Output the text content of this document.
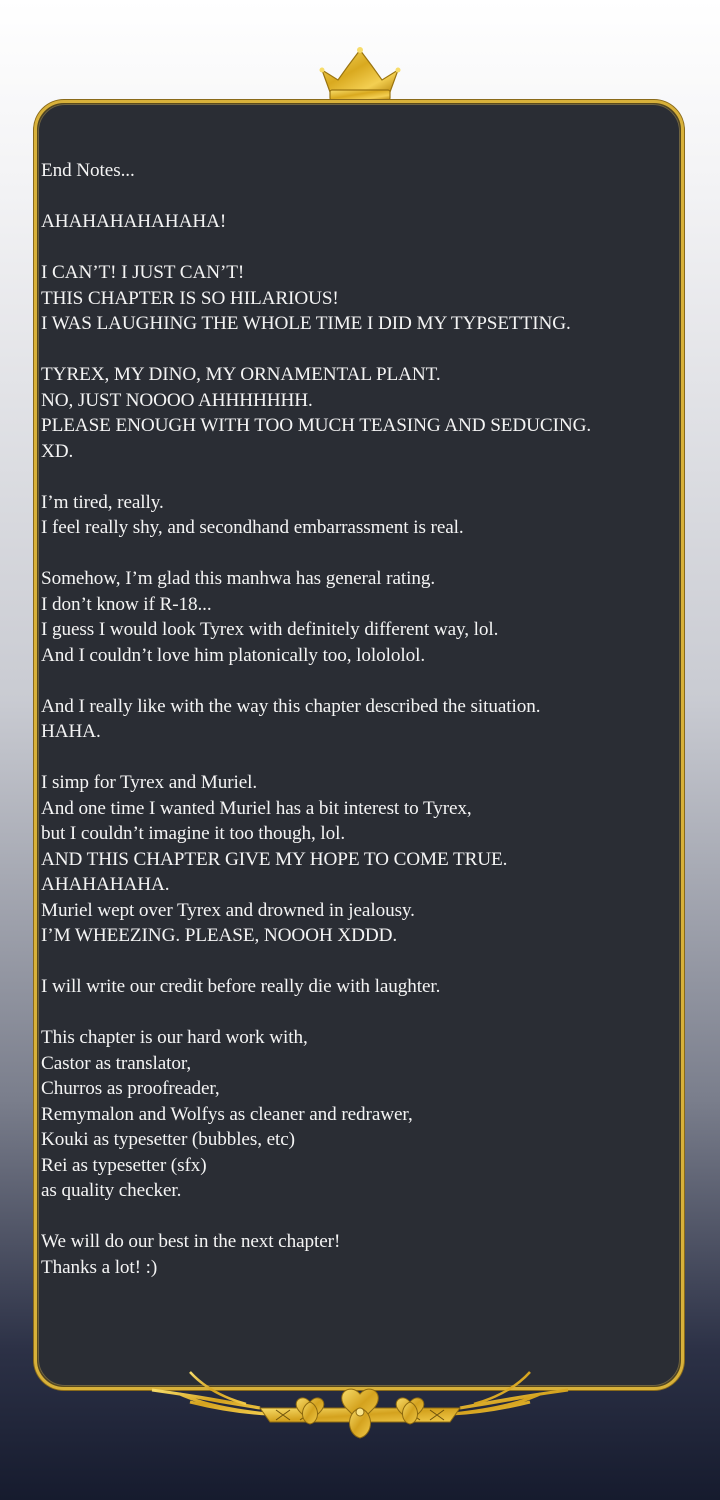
End Notes...
AHAHAHAHAHAHA!
I CAN’T! I JUST CAN’T!
THIS CHAPTER IS SO HILARIOUS!
I WAS LAUGHING THE WHOLE TIME I DID MY TYPSETTING.
TYREX, MY DINO, MY ORNAMENTAL PLANT.
NO, JUST NOOOO AHHHHHHH.
PLEASE ENOUGH WITH TOO MUCH TEASING AND SEDUCING.
XD.
I’m tired, really.
I feel really shy, and secondhand embarrassment is real.
Somehow, I’m glad this manhwa has general rating.
I don’t know if R-18...
I guess I would look Tyrex with definitely different way, lol.
And I couldn’t love him platonically too, lolololol.
And I really like with the way this chapter described the situation.
HAHA.
I simp for Tyrex and Muriel.
And one time I wanted Muriel has a bit interest to Tyrex,
but I couldn’t imagine it too though, lol.
AND THIS CHAPTER GIVE MY HOPE TO COME TRUE.
AHAHAHAHA.
Muriel wept over Tyrex and drowned in jealousy.
I’M WHEEZING. PLEASE, NOOOH XDDD.
I will write our credit before really die with laughter.
This chapter is our hard work with,
Castor as translator,
Churros as proofreader,
Remymalon and Wolfys as cleaner and redrawer,
Kouki as typesetter (bubbles, etc)
Rei as typesetter (sfx)
as quality checker.
We will do our best in the next chapter!
Thanks a lot! :)
